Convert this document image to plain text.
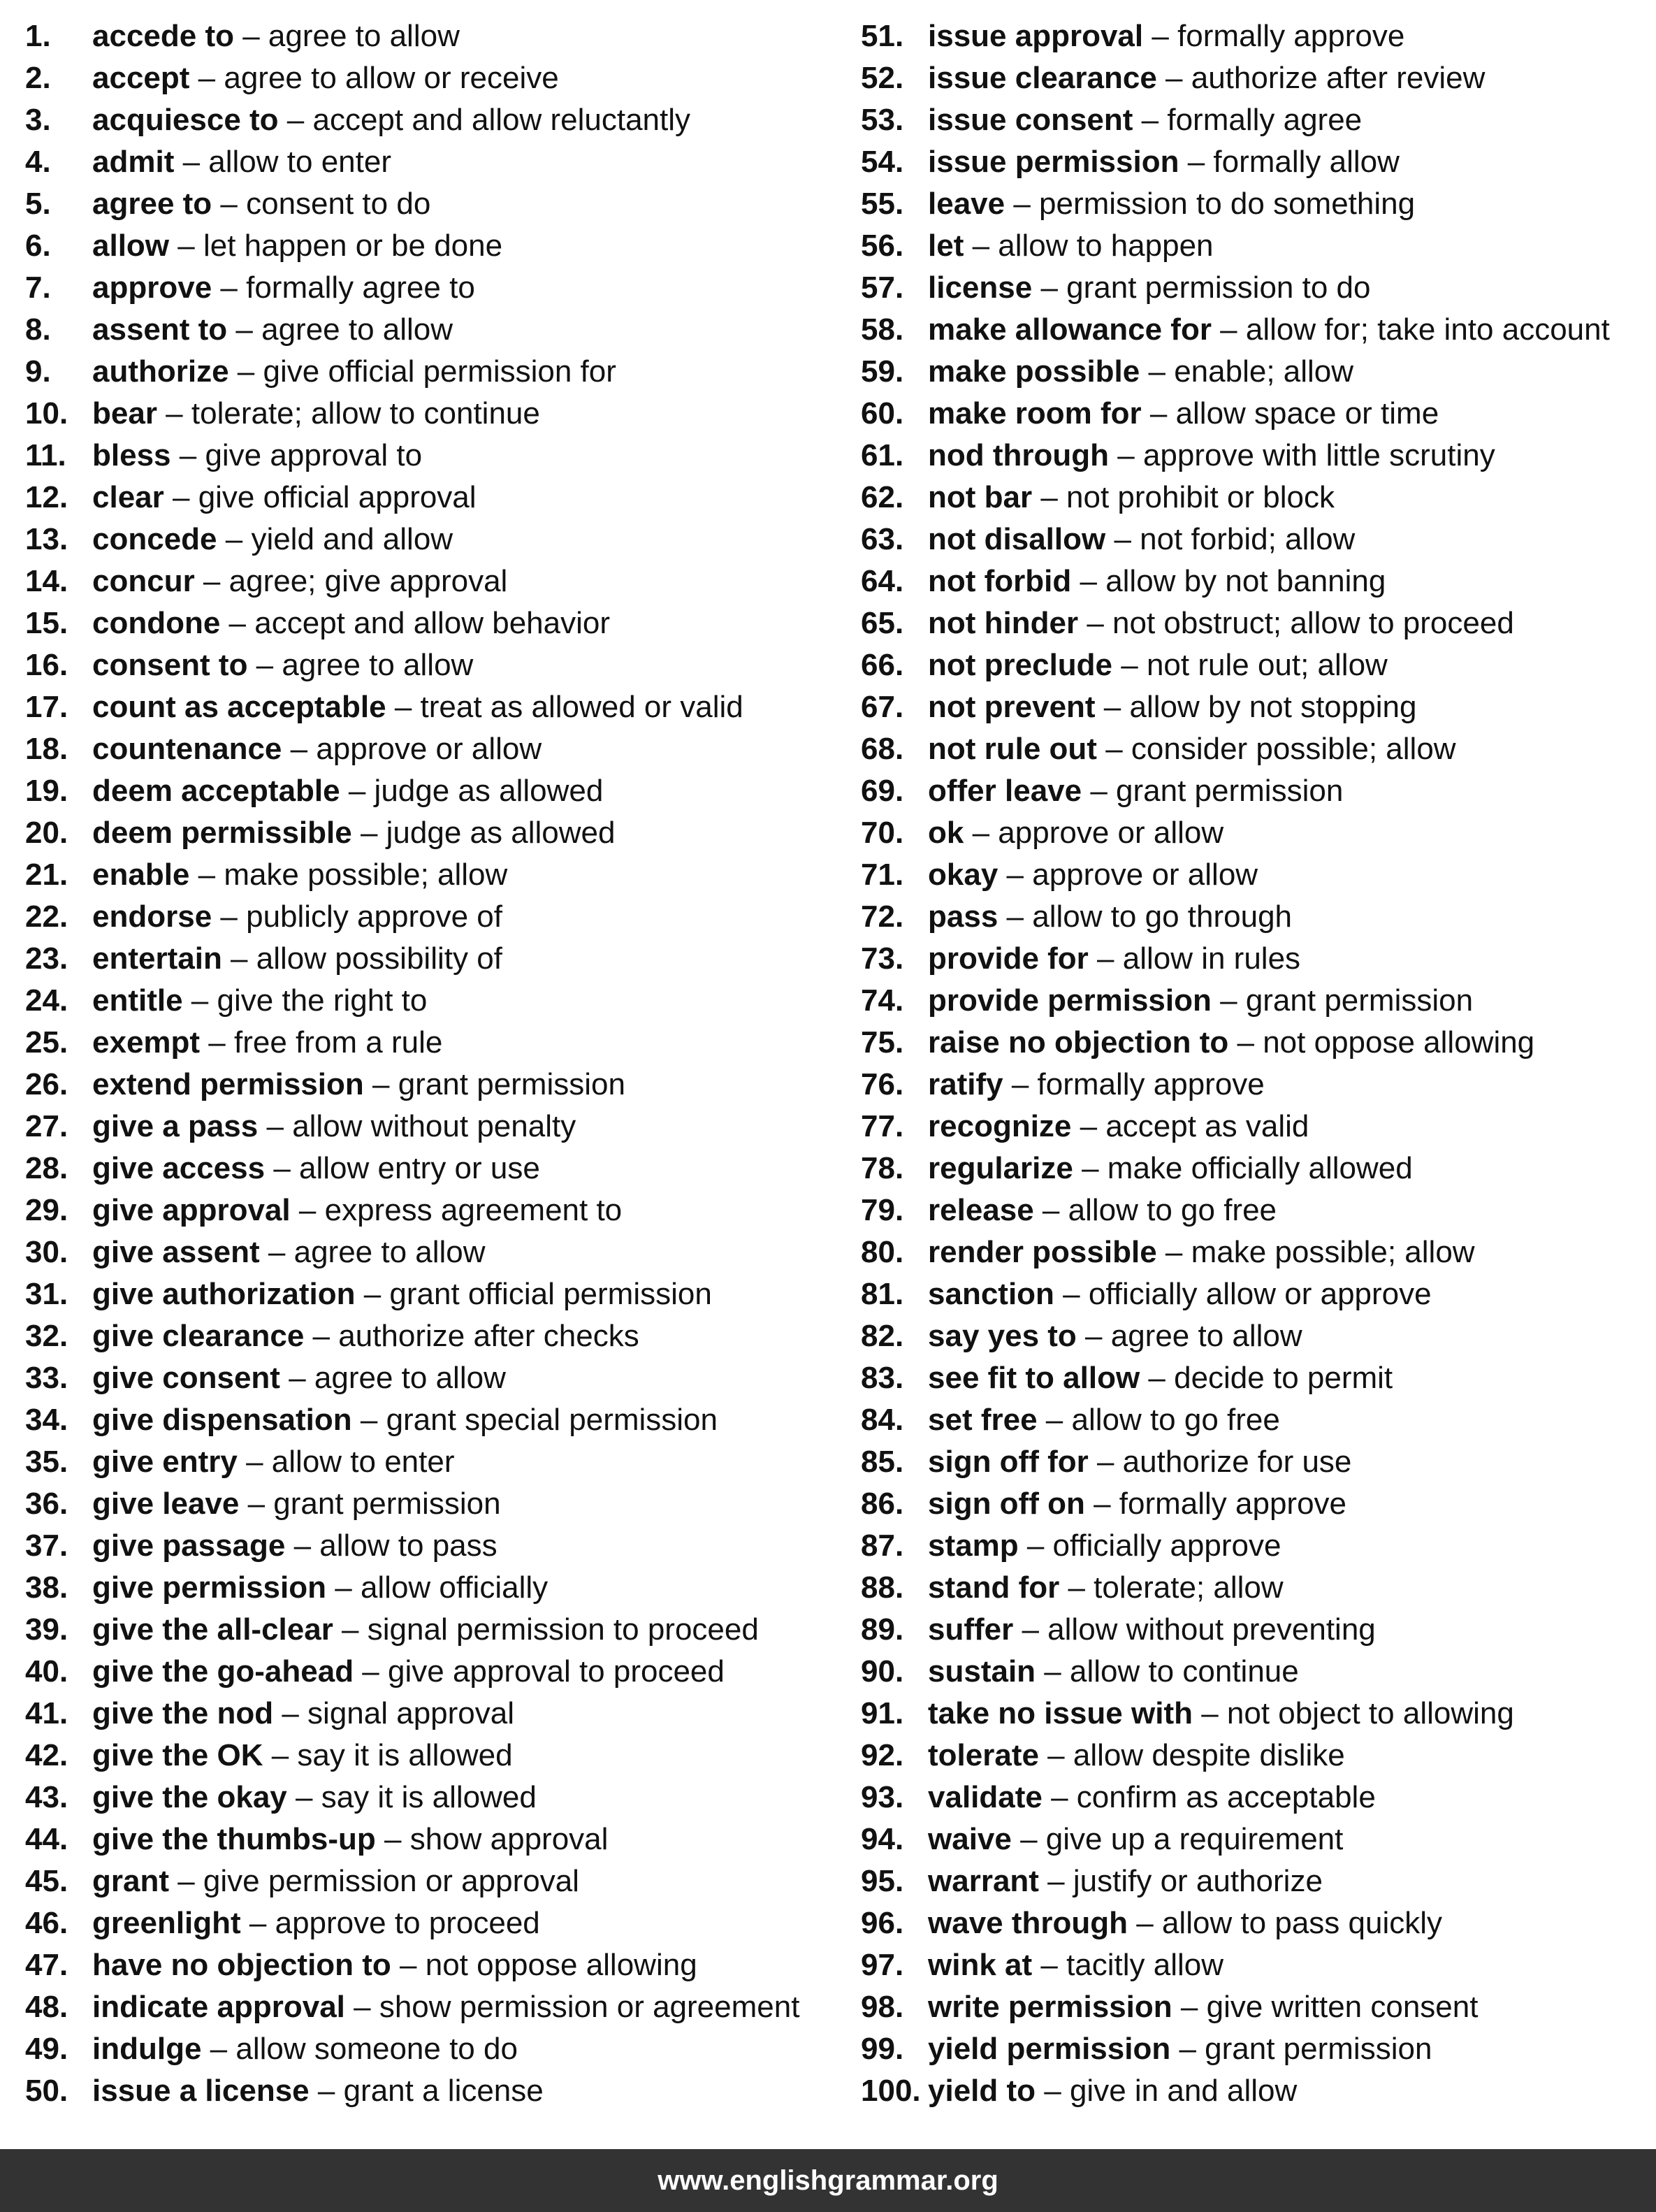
1. accede to – agree to allow
2. accept – agree to allow or receive
3. acquiesce to – accept and allow reluctantly
4. admit – allow to enter
5. agree to – consent to do
6. allow – let happen or be done
7. approve – formally agree to
8. assent to – agree to allow
9. authorize – give official permission for
10. bear – tolerate; allow to continue
11. bless – give approval to
12. clear – give official approval
13. concede – yield and allow
14. concur – agree; give approval
15. condone – accept and allow behavior
16. consent to – agree to allow
17. count as acceptable – treat as allowed or valid
18. countenance – approve or allow
19. deem acceptable – judge as allowed
20. deem permissible – judge as allowed
21. enable – make possible; allow
22. endorse – publicly approve of
23. entertain – allow possibility of
24. entitle – give the right to
25. exempt – free from a rule
26. extend permission – grant permission
27. give a pass – allow without penalty
28. give access – allow entry or use
29. give approval – express agreement to
30. give assent – agree to allow
31. give authorization – grant official permission
32. give clearance – authorize after checks
33. give consent – agree to allow
34. give dispensation – grant special permission
35. give entry – allow to enter
36. give leave – grant permission
37. give passage – allow to pass
38. give permission – allow officially
39. give the all-clear – signal permission to proceed
40. give the go-ahead – give approval to proceed
41. give the nod – signal approval
42. give the OK – say it is allowed
43. give the okay – say it is allowed
44. give the thumbs-up – show approval
45. grant – give permission or approval
46. greenlight – approve to proceed
47. have no objection to – not oppose allowing
48. indicate approval – show permission or agreement
49. indulge – allow someone to do
50. issue a license – grant a license
51. issue approval – formally approve
52. issue clearance – authorize after review
53. issue consent – formally agree
54. issue permission – formally allow
55. leave – permission to do something
56. let – allow to happen
57. license – grant permission to do
58. make allowance for – allow for; take into account
59. make possible – enable; allow
60. make room for – allow space or time
61. nod through – approve with little scrutiny
62. not bar – not prohibit or block
63. not disallow – not forbid; allow
64. not forbid – allow by not banning
65. not hinder – not obstruct; allow to proceed
66. not preclude – not rule out; allow
67. not prevent – allow by not stopping
68. not rule out – consider possible; allow
69. offer leave – grant permission
70. ok – approve or allow
71. okay – approve or allow
72. pass – allow to go through
73. provide for – allow in rules
74. provide permission – grant permission
75. raise no objection to – not oppose allowing
76. ratify – formally approve
77. recognize – accept as valid
78. regularize – make officially allowed
79. release – allow to go free
80. render possible – make possible; allow
81. sanction – officially allow or approve
82. say yes to – agree to allow
83. see fit to allow – decide to permit
84. set free – allow to go free
85. sign off for – authorize for use
86. sign off on – formally approve
87. stamp – officially approve
88. stand for – tolerate; allow
89. suffer – allow without preventing
90. sustain – allow to continue
91. take no issue with – not object to allowing
92. tolerate – allow despite dislike
93. validate – confirm as acceptable
94. waive – give up a requirement
95. warrant – justify or authorize
96. wave through – allow to pass quickly
97. wink at – tacitly allow
98. write permission – give written consent
99. yield permission – grant permission
100. yield to – give in and allow
www.englishgrammar.org
